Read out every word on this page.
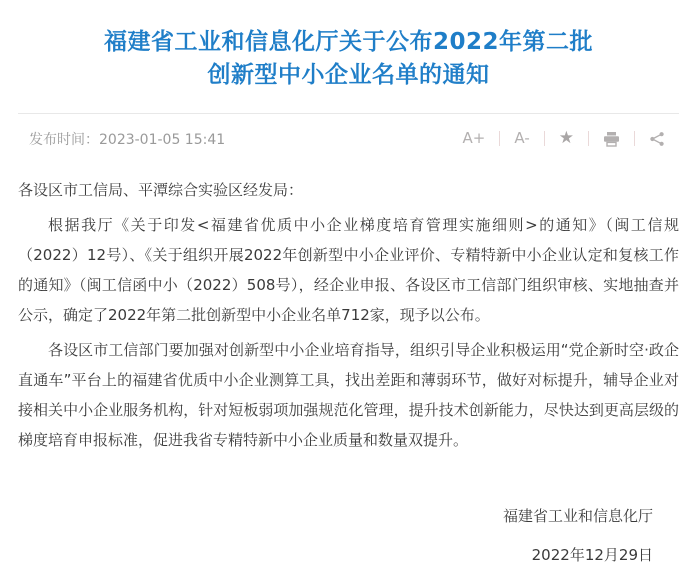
福建省工业和信息化厅关于公布2022年第二批创新型中小企业名单的通知
发布时间：2023-01-05 15:41	A+ A- ★

各设区市工信局、平潭综合实验区经发局：

根据我厅《关于印发<福建省优质中小企业梯度培育管理实施细则>的通知》（闽工信规（2022）12号）、《关于组织开展2022年创新型中小企业评价、专精特新中小企业认定和复核工作的通知》（闽工信函中小（2022）508号），经企业申报、各设区市工信部门组织审核、实地抽查并公示，确定了2022年第二批创新型中小企业名单712家，现予以公布。

各设区市工信部门要加强对创新型中小企业培育指导，组织引导企业积极运用“党企新时空·政企直通车”平台上的福建省优质中小企业测算工具，找出差距和薄弱环节，做好对标提升，辅导企业对接相关中小企业服务机构，针对短板弱项加强规范化管理，提升技术创新能力，尽快达到更高层级的梯度培育申报标准，促进我省专精特新中小企业质量和数量双提升。

福建省工业和信息化厅
2022年12月29日
